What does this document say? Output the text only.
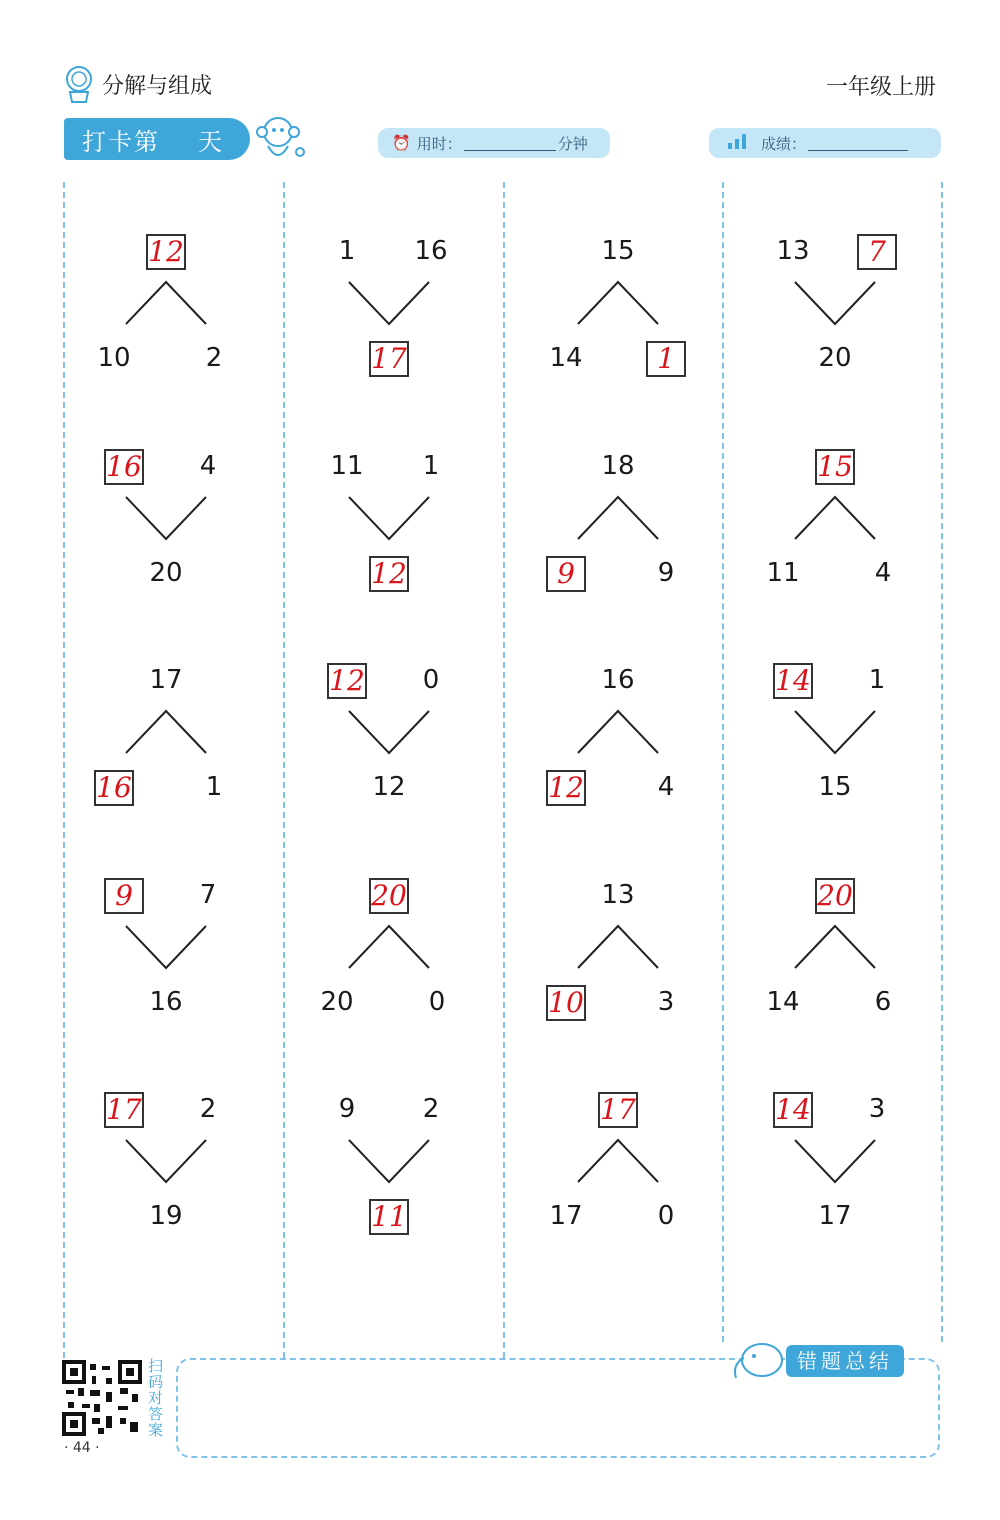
分解与组成	一年级上册
打卡第 天	⏰ 用时：	分钟	成绩：
12
10	2
1	16
17
15
14	1
13	7
20
16	4
20
11	1
12
18
9	9
15
11	4
17
16	1
12	0
12
16
12	4
14	1
15
9	7
16
20
20	0
13
10	3
20
14	6
17	2
19
9	2
11
17
17	0
14	3
17
错题总结
扫码对答案
· 44 ·
